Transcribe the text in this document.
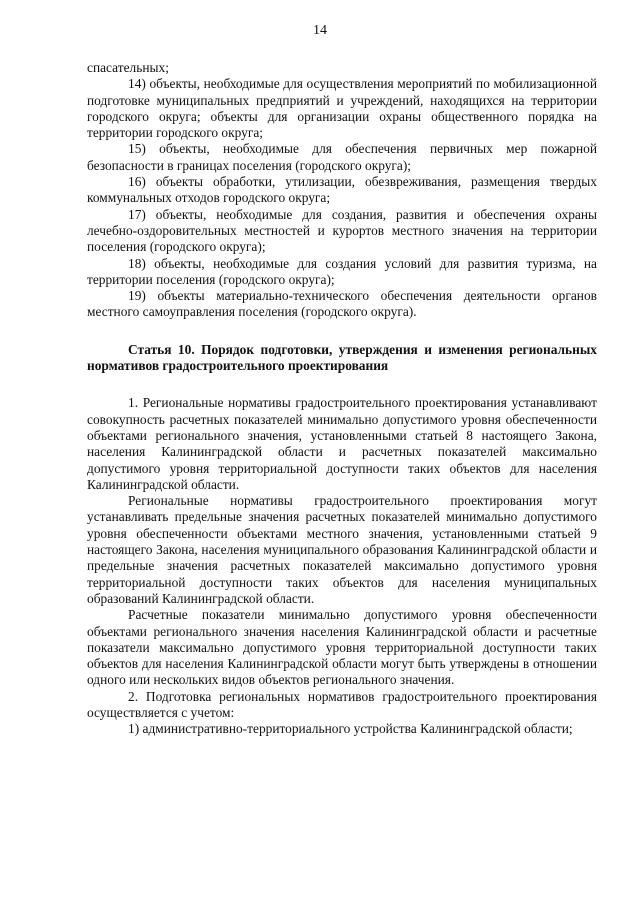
14

спасательных;

14) объекты, необходимые для осуществления мероприятий по мобилизационной подготовке муниципальных предприятий и учреждений, находящихся на территории городского округа; объекты для организации охраны общественного порядка на территории городского округа;

15) объекты, необходимые для обеспечения первичных мер пожарной безопасности в границах поселения (городского округа);

16) объекты обработки, утилизации, обезвреживания, размещения твердых коммунальных отходов городского округа;

17) объекты, необходимые для создания, развития и обеспечения охраны лечебно-оздоровительных местностей и курортов местного значения на территории поселения (городского округа);

18) объекты, необходимые для создания условий для развития туризма, на территории поселения (городского округа);

19) объекты материально-технического обеспечения деятельности органов местного самоуправления поселения (городского округа).

Статья 10. Порядок подготовки, утверждения и изменения региональных нормативов градостроительного проектирования

1. Региональные нормативы градостроительного проектирования устанавливают совокупность расчетных показателей минимально допустимого уровня обеспеченности объектами регионального значения, установленными статьей 8 настоящего Закона, населения Калининградской области и расчетных показателей максимально допустимого уровня территориальной доступности таких объектов для населения Калининградской области.

Региональные нормативы градостроительного проектирования могут устанавливать предельные значения расчетных показателей минимально допустимого уровня обеспеченности объектами местного значения, установленными статьей 9 настоящего Закона, населения муниципального образования Калининградской области и предельные значения расчетных показателей максимально допустимого уровня территориальной доступности таких объектов для населения муниципальных образований Калининградской области.

Расчетные показатели минимально допустимого уровня обеспеченности объектами регионального значения населения Калининградской области и расчетные показатели максимально допустимого уровня территориальной доступности таких объектов для населения Калининградской области могут быть утверждены в отношении одного или нескольких видов объектов регионального значения.

2. Подготовка региональных нормативов градостроительного проектирования осуществляется с учетом:

1) административно-территориального устройства Калининградской области;
